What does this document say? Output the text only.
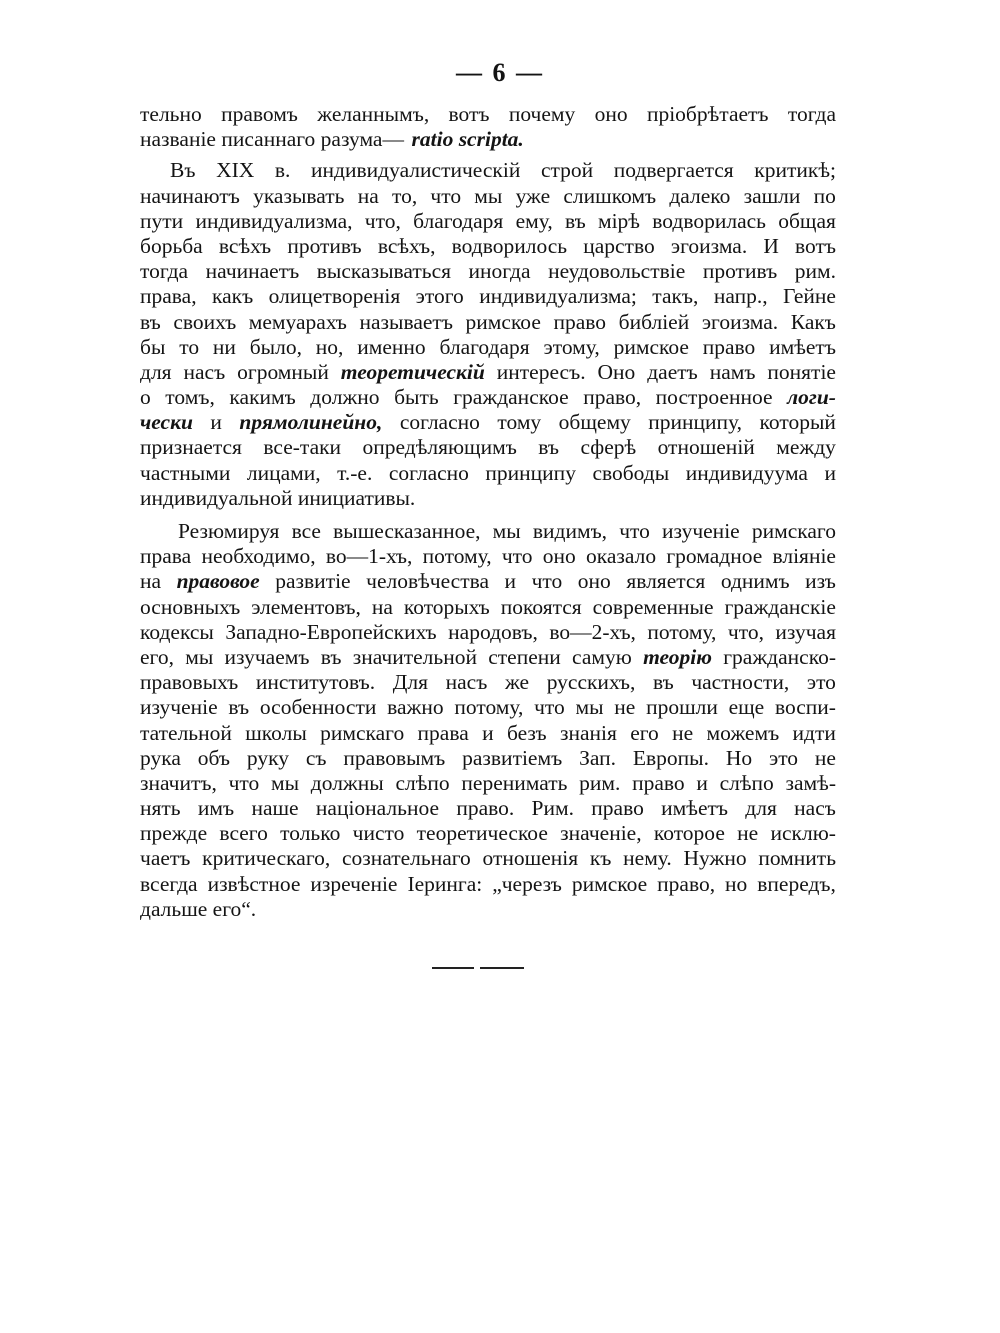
— 6 —
тельно правомъ желаннымъ, вотъ почему оно пріобрѣтаетъ тогда
названіе писаннаго разума— ratio scripta.
Въ XIX в. индивидуалистическій строй подвергается критикѣ;
начинаютъ указывать на то, что мы уже слишкомъ далеко зашли по
пути индивидуализма, что, благодаря ему, въ мірѣ водворилась общая
борьба всѣхъ противъ всѣхъ, водворилось царство эгоизма. И вотъ
тогда начинаетъ высказываться иногда неудовольствіе противъ рим.
права, какъ олицетворенія этого индивидуализма; такъ, напр., Гейне
въ своихъ мемуарахъ называетъ римское право библіей эгоизма. Какъ
бы то ни было, но, именно благодаря этому, римское право имѣетъ
для насъ огромный теоретическій интересъ. Оно даетъ намъ понятіе
о томъ, какимъ должно быть гражданское право, построенное логи-
чески и прямолинейно, согласно тому общему принципу, который
признается все-таки опредѣляющимъ въ сферѣ отношеній между
частными лицами, т.-е. согласно принципу свободы индивидуума и
индивидуальной инициативы.
Резюмируя все вышесказанное, мы видимъ, что изученіе римскаго
права необходимо, во—1-хъ, потому, что оно оказало громадное вліяніе
на правовое развитіе человѣчества и что оно является однимъ изъ
основныхъ элементовъ, на которыхъ покоятся современные гражданскіе
кодексы Западно-Европейскихъ народовъ, во—2-хъ, потому, что, изучая
его, мы изучаемъ въ значительной степени самую теорію гражданско-
правовыхъ институтовъ. Для насъ же русскихъ, въ частности, это
изученіе въ особенности важно потому, что мы не прошли еще воспи-
тательной школы римскаго права и безъ знанія его не можемъ идти
рука объ руку съ правовымъ развитіемъ Зап. Европы. Но это не
значитъ, что мы должны слѣпо перенимать рим. право и слѣпо замѣ-
нять имъ наше національное право. Рим. право имѣетъ для насъ
прежде всего только чисто теоретическое значеніе, которое не исклю-
чаетъ критическаго, сознательнаго отношенія къ нему. Нужно помнить
всегда извѣстное изреченіе Іеринга: „черезъ римское право, но впередъ,
дальше его“.
